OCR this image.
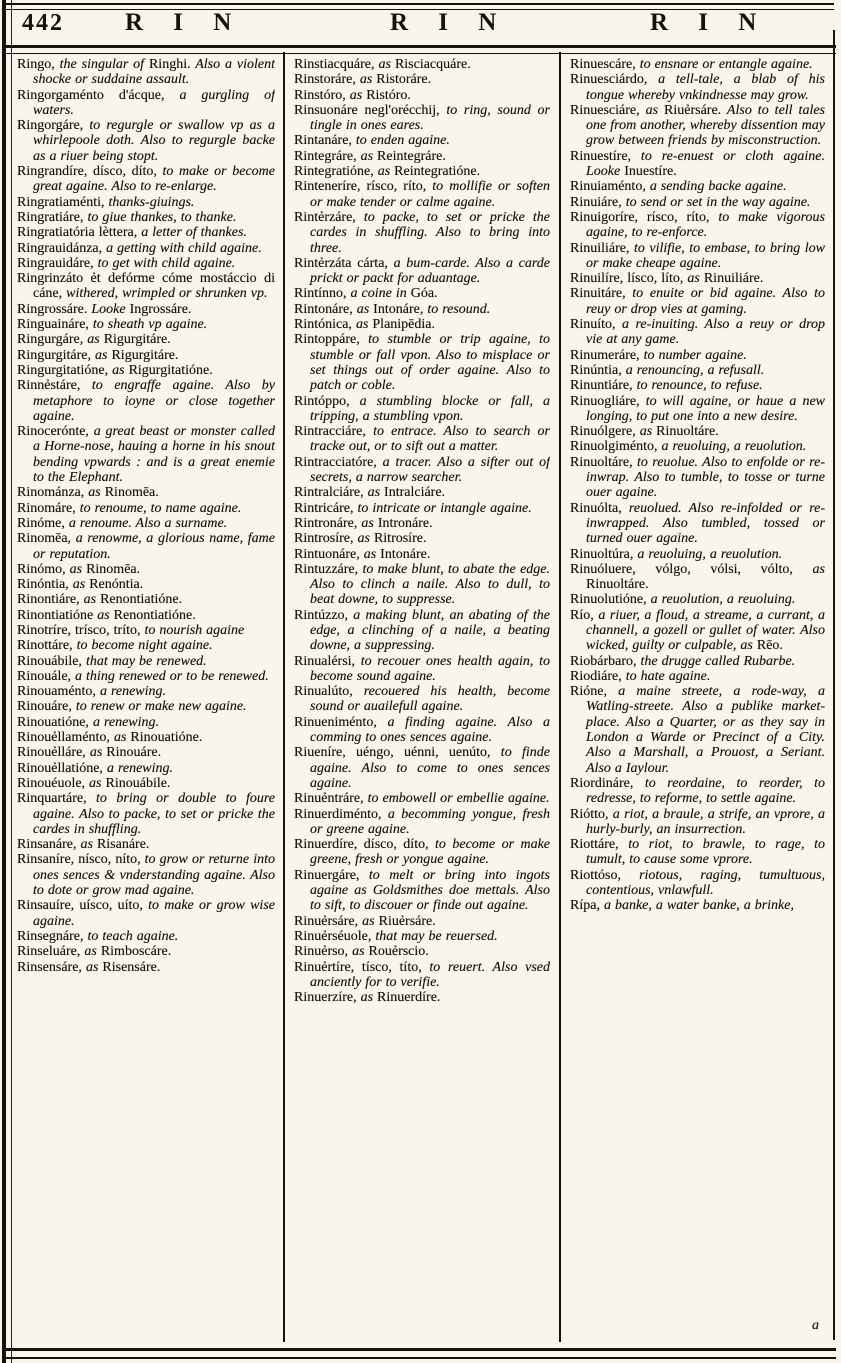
442 R I N	R I N	R I N
Ringo, the singular of Ringhi. Also a violent shocke or suddaine assault.
Ringorgaménto d'ácque, a gurgling of waters.
Ringorgáre, to regurgle or swallow vp as a whirlepoole doth. Also to regurgle backe as a riuer being stopt.
Ringrandíre, dísco, díto, to make or become great againe. Also to re-enlarge.
Ringratiaménti, thanks-giuings.
Ringratiáre, to giue thankes, to thanke.
Ringratiatória lèttera, a letter of thankes.
Ringrauidánza, a getting with child againe.
Ringrauidáre, to get with child againe.
Ringrinzáto ẻt defórme cóme mostáccio di cáne, withered, wrimpled or shrunken vp.
Ringrossáre. Looke Ingrossáre.
Ringuaináre, to sheath vp againe.
Ringurgáre, as Rigurgitáre.
Ringurgitáre, as Rigurgitáre.
Ringurgitatióne, as Rigurgitatióne.
Rinnẻstáre, to engraffe againe. Also by metaphore to ioyne or close together againe.
Rinocerónte, a great beast or monster called a Horne-nose, hauing a horne in his snout bending vpwards : and is a great enemie to the Elephant.
Rinománza, as Rinomēa.
Rinomáre, to renoume, to name againe.
Rinóme, a renoume. Also a surname.
Rinomēa, a renowme, a glorious name, fame or reputation.
Rinómo, as Rinomēa.
Rinóntia, as Renóntia.
Rinontiáre, as Renontiatióne.
Rinontiatióne as Renontiatióne.
Rinotríre, trísco, tríto, to nourish againe
Rinottáre, to become night againe.
Rinouábile, that may be renewed.
Rinouále, a thing renewed or to be renewed.
Rinouaménto, a renewing.
Rinouáre, to renew or make new againe.
Rinouatióne, a renewing.
Rinouẻllaménto, as Rinouatióne.
Rinouẻlláre, as Rinouáre.
Rinouẻllatióne, a renewing.
Rinouéuole, as Rinouábile.
Rinquartáre, to bring or double to foure againe. Also to packe, to set or pricke the cardes in shuffling.
Rinsanáre, as Risanáre.
Rinsaníre, nísco, níto, to grow or returne into ones sences & vnderstanding againe. Also to dote or grow mad againe.
Rinsauíre, uísco, uíto, to make or grow wise againe.
Rinsegnáre, to teach againe.
Rinseluáre, as Rimboscáre.
Rinsensáre, as Risensáre.
Rinstiacquáre, as Risciacquáre.
Rinstoráre, as Ristoráre.
Rinstóro, as Ristóro.
Rinsuonáre negl'orécchij, to ring, sound or tingle in ones eares.
Rintanáre, to enden againe.
Rintegráre, as Reintegráre.
Rintegratióne, as Reintegratióne.
Rinteneríre, rísco, ríto, to mollifie or soften or make tender or calme againe.
Rintẻrzáre, to packe, to set or pricke the cardes in shuffling. Also to bring into three.
Rintẻrzáta cárta, a bum-carde. Also a carde prickt or packt for aduantage.
Rintínno, a coine in Góa.
Rintonáre, as Intonáre, to resound.
Rintónica, as Planipēdia.
Rintoppáre, to stumble or trip againe, to stumble or fall vpon. Also to misplace or set things out of order againe. Also to patch or coble.
Rintóppo, a stumbling blocke or fall, a tripping, a stumbling vpon.
Rintracciáre, to entrace. Also to search or tracke out, or to sift out a matter.
Rintracciatóre, a tracer. Also a sifter out of secrets, a narrow searcher.
Rintralciáre, as Intralciáre.
Rintricáre, to intricate or intangle againe.
Rintronáre, as Intronáre.
Rintrosíre, as Ritrosíre.
Rintuonáre, as Intonáre.
Rintuzzáre, to make blunt, to abate the edge. Also to clinch a naile. Also to dull, to beat downe, to suppresse.
Rintúzzo, a making blunt, an abating of the edge, a clinching of a naile, a beating downe, a suppressing.
Rinualérsi, to recouer ones health again, to become sound againe.
Rinualúto, recouered his health, become sound or auailefull againe.
Rinueniménto, a finding againe. Also a comming to ones sences againe.
Riueníre, uéngo, uénni, uenúto, to finde againe. Also to come to ones sences againe.
Rinuẻntráre, to embowell or embellie againe.
Rinuerdiménto, a becomming yongue, fresh or greene againe.
Rinuerdíre, dísco, díto, to become or make greene, fresh or yongue againe.
Rinuergáre, to melt or bring into ingots againe as Goldsmithes doe mettals. Also to sift, to discouer or finde out againe.
Rinuẻrsáre, as Riuẻrsáre.
Rinuẻrséuole, that may be reuersed.
Rinuẻrso, as Rouẻrscio.
Rinuẻrtíre, tísco, títo, to reuert. Also vsed anciently for to verifie.
Rinuerzíre, as Rinuerdíre.
Rinuescáre, to ensnare or entangle againe.
Rinuesciárdo, a tell-tale, a blab of his tongue whereby vnkindnesse may grow.
Rinuesciáre, as Riuẻrsáre. Also to tell tales one from another, whereby dissention may grow between friends by misconstruction.
Rinuestíre, to re-enuest or cloth againe. Looke Inuestíre.
Rinuiaménto, a sending backe againe.
Rinuiáre, to send or set in the way againe.
Rinuigoríre, rísco, ríto, to make vigorous againe, to re-enforce.
Rinuiliáre, to vilifie, to embase, to bring low or make cheape againe.
Rinuilíre, lísco, líto, as Rinuiliáre.
Rinuitáre, to enuite or bid againe. Also to reuy or drop vies at gaming.
Rinuíto, a re-inuiting. Also a reuy or drop vie at any game.
Rinumeráre, to number againe.
Rinúntia, a renouncing, a refusall.
Rinuntiáre, to renounce, to refuse.
Rinuogliáre, to will againe, or haue a new longing, to put one into a new desire.
Rinuólgere, as Rinuoltáre.
Rinuolgiménto, a reuoluing, a reuolution.
Rinuoltáre, to reuolue. Also to enfolde or re-inwrap. Also to tumble, to tosse or turne ouer againe.
Rinuólta, reuolued. Also re-infolded or re-inwrapped. Also tumbled, tossed or turned ouer againe.
Rinuoltúra, a reuoluing, a reuolution.
Rinuóluere, vólgo, vólsi, vólto, as Rinuoltáre.
Rinuolutióne, a reuolution, a reuoluing.
Río, a riuer, a floud, a streame, a currant, a channell, a gozell or gullet of water. Also wicked, guilty or culpable, as Rēo.
Riobárbaro, the drugge called Rubarbe.
Riodiáre, to hate againe.
Rióne, a maine streete, a rode-way, a Watling-streete. Also a publike market-place. Also a Quarter, or as they say in London a Warde or Precinct of a City. Also a Marshall, a Prouost, a Seriant. Also a Iaylour.
Riordináre, to reordaine, to reorder, to redresse, to reforme, to settle againe.
Riótto, a riot, a braule, a strife, an vprore, a hurly-burly, an insurrection.
Riottáre, to riot, to brawle, to rage, to tumult, to cause some vprore.
Riottóso, riotous, raging, tumultuous, contentious, vnlawfull.
Rípa, a banke, a water banke, a brinke,
a
